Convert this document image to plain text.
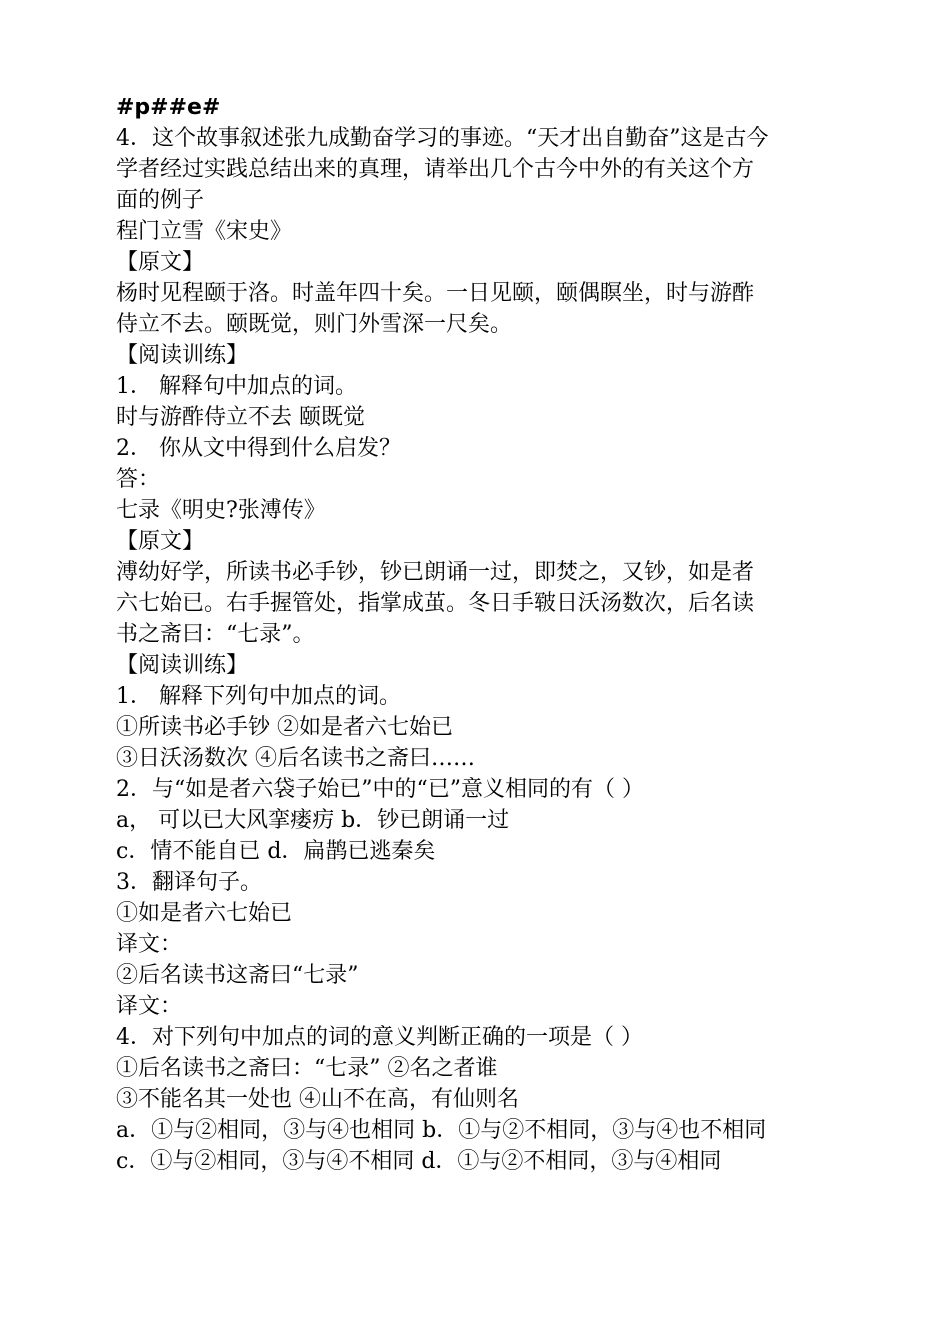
#p##e#
4．这个故事叙述张九成勤奋学习的事迹。“天才出自勤奋”这是古今
学者经过实践总结出来的真理，请举出几个古今中外的有关这个方
面的例子
程门立雪《宋史》
【原文】
杨时见程颐于洛。时盖年四十矣。一日见颐，颐偶瞑坐，时与游酢
侍立不去。颐既觉，则门外雪深一尺矣。
【阅读训练】
1． 解释句中加点的词。
时与游酢侍立不去 颐既觉
2． 你从文中得到什么启发？
答：
七录《明史?张溥传》
【原文】
溥幼好学，所读书必手钞，钞已朗诵一过，即焚之，又钞，如是者
六七始已。右手握管处，指掌成茧。冬日手皲日沃汤数次，后名读
书之斋曰：“七录”。
【阅读训练】
1． 解释下列句中加点的词。
①所读书必手钞 ②如是者六七始已
③日沃汤数次 ④后名读书之斋曰……
2．与“如是者六袋子始已”中的“已”意义相同的有（ ）
a， 可以已大风挛瘘疠 b．钞已朗诵一过
c．情不能自已 d．扁鹊已逃秦矣
3．翻译句子。
①如是者六七始已
译文：
②后名读书这斋曰“七录”
译文：
4．对下列句中加点的词的意义判断正确的一项是（ ）
①后名读书之斋曰：“七录” ②名之者谁
③不能名其一处也 ④山不在高，有仙则名
a．①与②相同，③与④也相同 b．①与②不相同，③与④也不相同
c．①与②相同，③与④不相同 d．①与②不相同，③与④相同
